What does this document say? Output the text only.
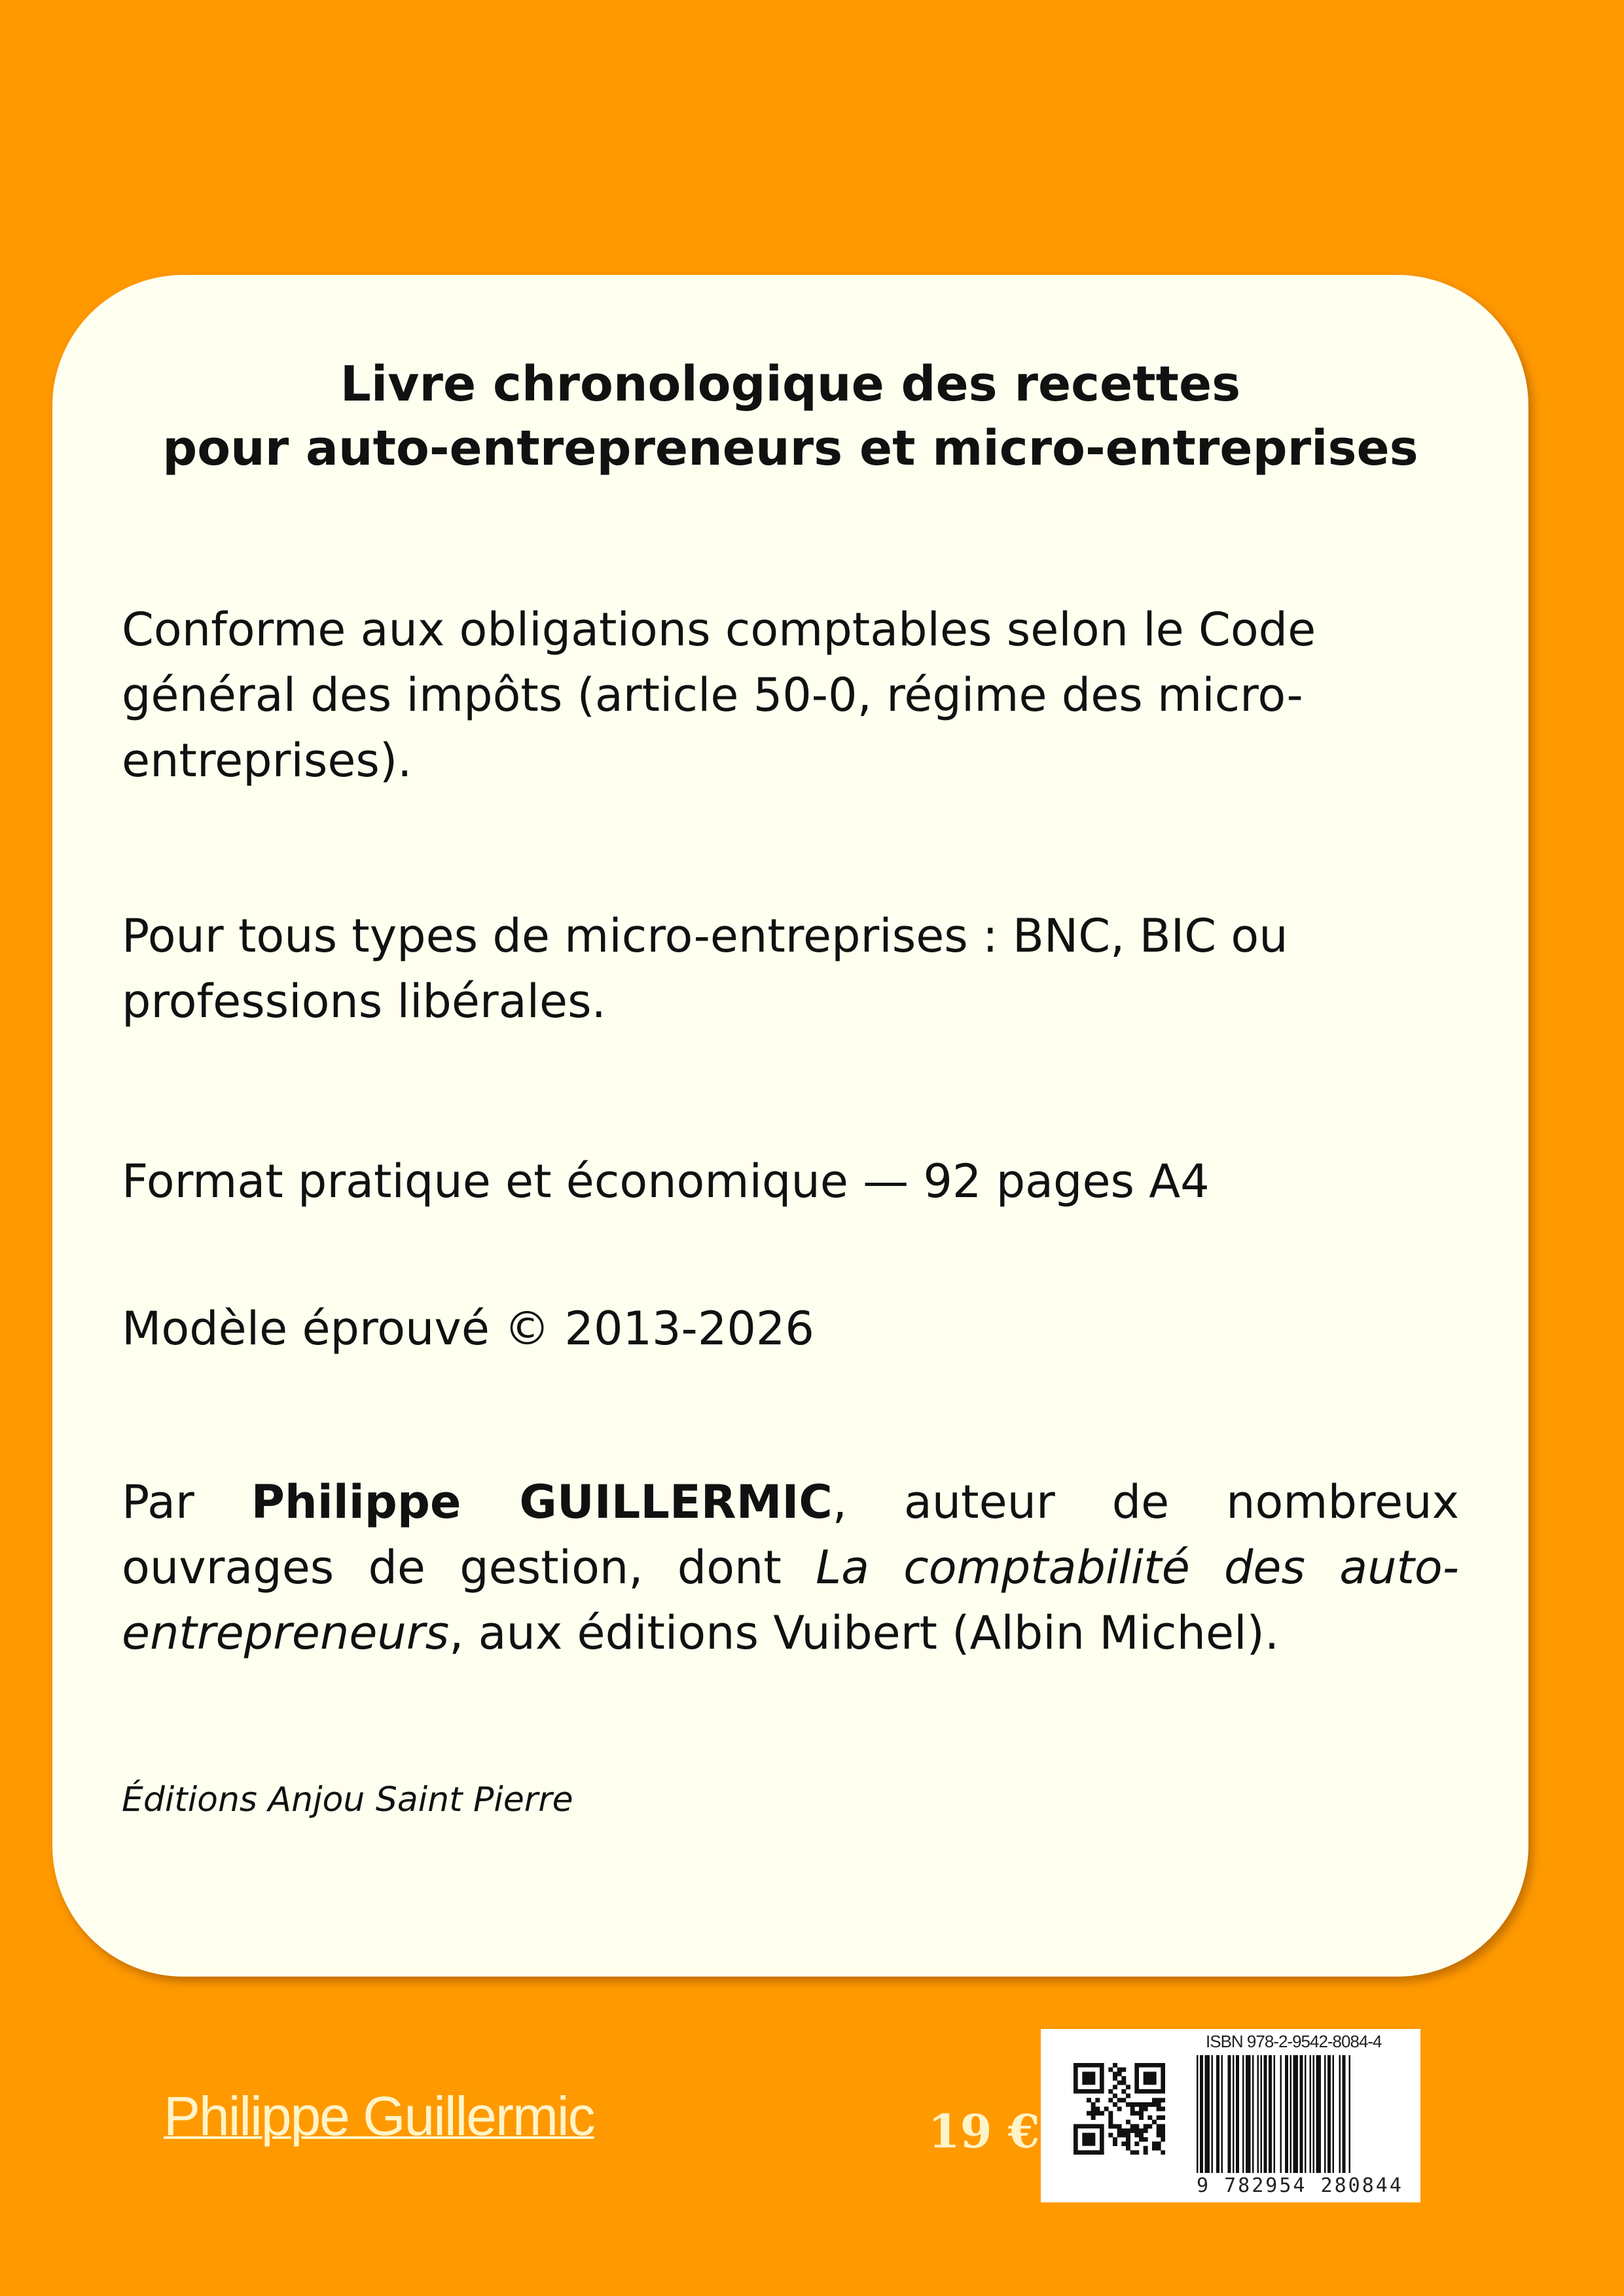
Livre chronologique des recettes
pour auto-entrepreneurs et micro-entreprises

Conforme aux obligations comptables selon le Code général des impôts (article 50-0, régime des micro-entreprises).

Pour tous types de micro-entreprises : BNC, BIC ou professions libérales.

Format pratique et économique — 92 pages A4

Modèle éprouvé © 2013-2026

Par Philippe GUILLERMIC, auteur de nombreux ouvrages de gestion, dont La comptabilité des auto-entrepreneurs, aux éditions Vuibert (Albin Michel).

Éditions Anjou Saint Pierre
Philippe Guillermic	19 €
ISBN 978-2-9542-8084-4
9 782954 280844
